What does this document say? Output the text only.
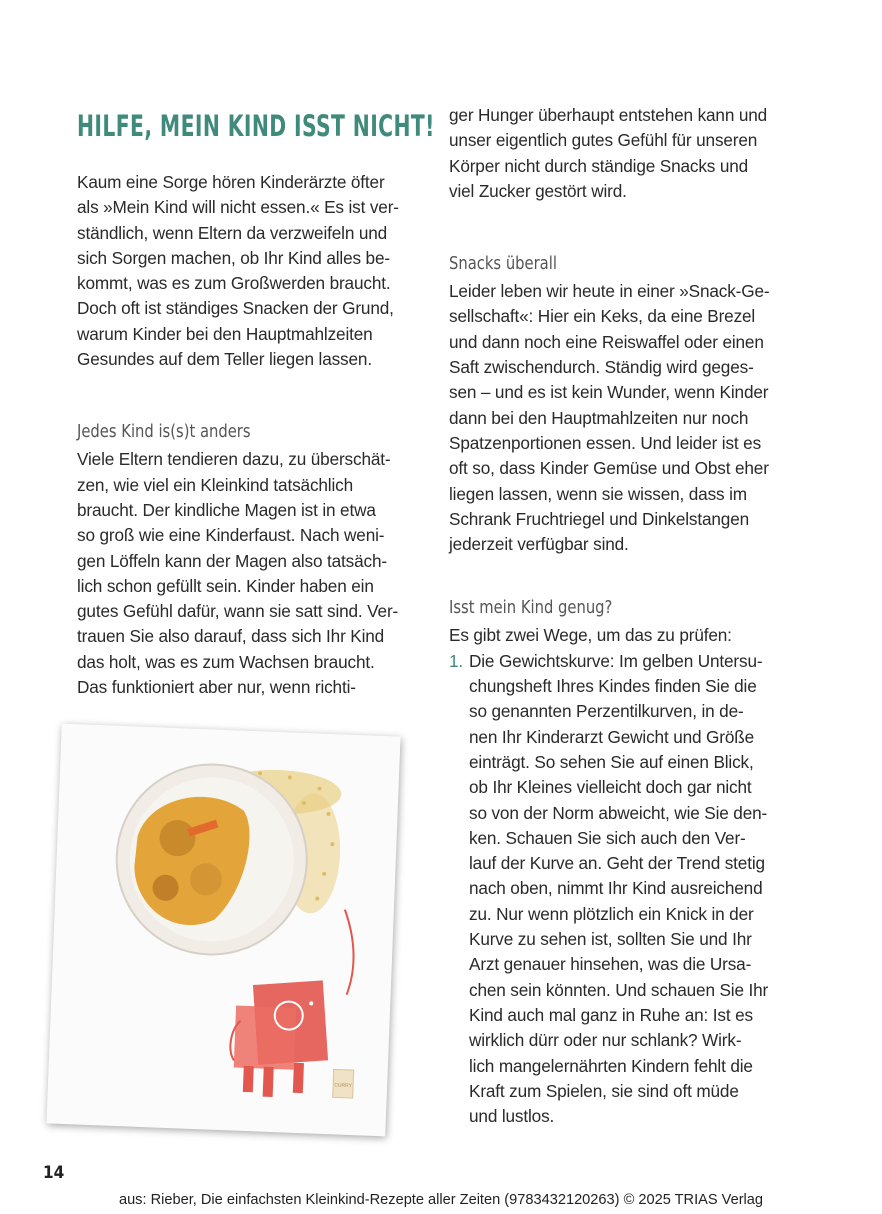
HILFE, MEIN KIND ISST NICHT!

Kaum eine Sorge hören Kinderärzte öfter
als »Mein Kind will nicht essen.« Es ist ver-
ständlich, wenn Eltern da verzweifeln und
sich Sorgen machen, ob Ihr Kind alles be-
kommt, was es zum Großwerden braucht.
Doch oft ist ständiges Snacken der Grund,
warum Kinder bei den Hauptmahlzeiten
Gesundes auf dem Teller liegen lassen.

Jedes Kind is(s)t anders

Viele Eltern tendieren dazu, zu überschät-
zen, wie viel ein Kleinkind tatsächlich
braucht. Der kindliche Magen ist in etwa
so groß wie eine Kinderfaust. Nach weni-
gen Löffeln kann der Magen also tatsäch-
lich schon gefüllt sein. Kinder haben ein
gutes Gefühl dafür, wann sie satt sind. Ver-
trauen Sie also darauf, dass sich Ihr Kind
das holt, was es zum Wachsen braucht.
Das funktioniert aber nur, wenn richti-

ger Hunger überhaupt entstehen kann und
unser eigentlich gutes Gefühl für unseren
Körper nicht durch ständige Snacks und
viel Zucker gestört wird.

Snacks überall

Leider leben wir heute in einer »Snack-Ge-
sellschaft«: Hier ein Keks, da eine Brezel
und dann noch eine Reiswaffel oder einen
Saft zwischendurch. Ständig wird geges-
sen – und es ist kein Wunder, wenn Kinder
dann bei den Hauptmahlzeiten nur noch
Spatzenportionen essen. Und leider ist es
oft so, dass Kinder Gemüse und Obst eher
liegen lassen, wenn sie wissen, dass im
Schrank Fruchtriegel und Dinkelstangen
jederzeit verfügbar sind.

Isst mein Kind genug?

Es gibt zwei Wege, um das zu prüfen:

1. Die Gewichtskurve: Im gelben Untersu-
chungsheft Ihres Kindes finden Sie die
so genannten Perzentilkurven, in de-
nen Ihr Kinderarzt Gewicht und Größe
einträgt. So sehen Sie auf einen Blick,
ob Ihr Kleines vielleicht doch gar nicht
so von der Norm abweicht, wie Sie den-
ken. Schauen Sie sich auch den Ver-
lauf der Kurve an. Geht der Trend stetig
nach oben, nimmt Ihr Kind ausreichend
zu. Nur wenn plötzlich ein Knick in der
Kurve zu sehen ist, sollten Sie und Ihr
Arzt genauer hinsehen, was die Ursa-
chen sein könnten. Und schauen Sie Ihr
Kind auch mal ganz in Ruhe an: Ist es
wirklich dürr oder nur schlank? Wirk-
lich mangelernährten Kindern fehlt die
Kraft zum Spielen, sie sind oft müde
und lustlos.
CURRY
14
aus: Rieber, Die einfachsten Kleinkind-Rezepte aller Zeiten (9783432120263) © 2025 TRIAS Verlag
